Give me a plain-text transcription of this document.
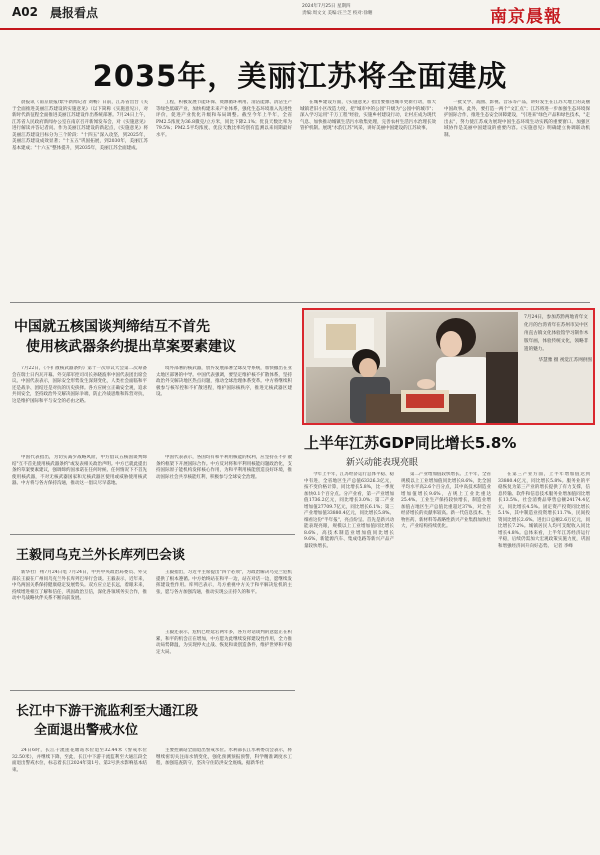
A02 晨报看点	2024年7月25日 星期四
责编:周文文 美编:汪兰芝 校对:徐翱	南京晨報
2035年，美丽江苏将全面建成
晨报讯（南京晨报/紫牛新闻记者 刘畅）日前，江苏省出台《关于全面推进美丽江苏建设的实施意见》（以下简称《实施意见》），对新时代新征程全面推进美丽江苏建设作出系统部署。7月24日上午，江苏省人民政府新闻办公室在南京召开新闻发布会，对《实施意见》进行解读并答记者问。作为美丽江苏建设的新起点，《实施意见》将美丽江苏建设目标分为三个阶段："十四五"深入攻坚，到2025年，美丽江苏建设成效显著；"十五五"巩固拓展，到2030年，美丽江苏基本建成；"十六五"整体提升，到2035年，美丽江苏全面建成。
工程，积极发展节能环保、资源循环利用、清洁能源、清洁生产等绿色低碳产业，加快构建未来产业体系，强化生态环境准入先进性评价，促进产业优化升级和布局调整。截至今年上半年，全省PM2.5浓度为36.8微克/立方米，同比下降2.1%；优良天数比率为79.5%；PM2.5平均浓度、优良天数比率均创有监测以来同期最好水平。
在城乡建设方面，《实施意见》指出要推进城市更新行动，加大城镇老旧小区改造力度，把"城市中的公园"升级为"公园中的城市"；深入学习运用"千万工程"经验，实施乡村建设行动，让村庄成为现代气息、加快推动城镇生活污水收集处理，完善农村生活污水治理长效管护机制。展现"水韵江苏"风采，讲好美丽中国建设的江苏故事。
一批文学、戏曲、影视、音乐等产品，讲好发生在江苏大地上的美丽中国故事。此外，要打造一两个"文汇点"；江苏将进一步加强生态环境保护国际合作，推进生态安全屏障建设，"引进来"绿色产品和绿色技术，"走出去"，努力使江苏成为展现中国生态环境生动实践的重要窗口。加强区域协作是美丽中国建设的重要内容。《实施意见》明确建立协调联动机制。
中国就五核国谈判缔结互不首先
使用核武器条约提出草案要素建议
7月22日，《不扩散核武器条约》第十一次审议大会第二次筹备会在瑞士日内瓦开幕。外交部军控司司长孙晓波率中国代表团出席会议。中国代表表示，国际安全形势发生深刻变化，人类社会面临和平还是战争、团结还是对抗的历史抉择。各方应树立正确安全观，追求共同安全，坚持政治外交解决国际争端，防止冷战思维和阵营对抗，这是维护国际和平与安全的必由之路。
中国代表指出，为切实减少战略风险，中方倡议五核国谈判缔结"互不首先使用核武器条约"或发表相关政治声明。中方已就此提出条约草案要素建议，强调缔约国承诺在任何时候、任何情况下不首先使用核武器，不对无核武器国家和无核武器区使用或威胁使用核武器。中方将与各方保持沟通，推动这一倡议尽早落地。
境外部署的核武器，放弃发展部署全球反导系统，加快撤出在亚太地区部署的中导。中国代表强调，要坚定维护核不扩散体系，坚持政治外交解决地区热点问题，推动全球治理体系变革。中方将继续积极参与核军控和不扩散进程，维护国际核秩序，推进无核武器区建设。
中国代表表示，各国均有和平利用核能的权利，应坚持在不扩散条约框架下开展国际合作。中方反对将和平利用核能问题政治化，支持国际原子能机构发挥核心作用，为和平利用核能创造良好环境，推动国际社会共享核能红利，积极参与全球安全治理。
王毅同乌克兰外长库列巴会谈
新华社广州7月24日电 7月24日，中共中央政治局委员、外交部长王毅在广州同乌克兰外长库列巴举行会谈。王毅表示，近年来，中乌两国关系保持健康稳定发展势头。双方应立足长远，着眼未来，持续增进相互了解和信任，巩固政治互信，深化各领域务实合作，推动中乌战略伙伴关系不断向前发展。
王毅指出，习近平主席提出"四个必须"，为政治解决乌克兰危机提供了根本遵循。中方始终站在和平一边，站在对话一边，愿继续发挥建设性作用。库列巴表示，乌方重视中方关于和平解决危机的主张，愿与各方加强沟通，推动实现公正持久的和平。
王毅还表示，危机已经延宕两年多，各方对话谈判的意愿正在积累，和平的机会正在增加，中方愿为此继续发挥建设性作用，全力推动局势降温，为实现停火止战、恢复和谈创造条件，维护世界和平稳定大局。
长江中下游干流监利至大通江段
全面退出警戒水位
24日6时，长江干流莲花塘站水位退至32.44米（警戒水位32.50米），并继续下降，至此，长江中下游干流监利至大通江段全面退出警戒水位，标志着长江2024年第1号、第2号洪水影响基本结束。
主要控制站全面退出警戒水位。水利部长江水利委员会表示，将继续密切关注雨水情变化，强化预测预报预警，科学精准调度水工程，加强巡查防守，坚决守住防洪安全底线。据新华社
7月24日，参加苏黔两地青年文化月的台湾青年在苏州市吴中区甪直古镇文化体验馆学习制作木版年画，体验传统文化，领略非遗的魅力。
华慧雅 摄 视觉江苏网供图
上半年江苏GDP同比增长5.8%
新兴动能表现亮眼
今年上半年，江苏经济运行总体平稳、稳中有进，全省地区生产总值63326.3亿元，按不变价格计算，同比增长5.8%，比一季度加快0.1个百分点。分产业看，第一产业增加值1736.2亿元，同比增长3.0%；第二产业增加值27709.7亿元，同比增长6.1%；第三产业增加值33880.4亿元，同比增长5.8%。细看这份"半年报"，亮点纷呈。首先是新兴动能表现亮眼，规模以上工业增加值同比增长8.6%，高技术制造业增加值同比增长9.6%，新能源汽车、集成电路等新兴产品产量较快增长。
第二产业增加值较快增长。上半年，全省规模以上工业增加值同比增长8.6%，比全国平均水平高2.6个百分点，其中高技术制造业增加值增长9.6%，占规上工业比重达25.4%。工业生产保持较快增长，制造业增加值占地区生产总值比重超过37%，对全省经济增长的贡献率较高。新一代信息技术、生物医药、新材料等战略性新兴产业集群加快壮大，产业结构持续优化。
在第三产业方面，上半年增加值达到33880.4亿元，同比增长5.8%。服务业的平稳恢复为第三产业的增长提供了有力支撑，信息传输、软件和信息技术服务业增加值同比增长13.5%。社会消费品零售总额24174.4亿元，同比增长4.5%。固定资产投资同比增长5.1%，其中制造业投资增长11.7%，民间投资同比增长2.6%。进出口总额2.6万亿元，同比增长7.2%。城镇居民人均可支配收入同比增长4.8%。总体来看，上半年江苏经济运行平稳，后续仍需加大宏观政策实施力度，巩固和增强经济回升向好态势。 记者 李峰
